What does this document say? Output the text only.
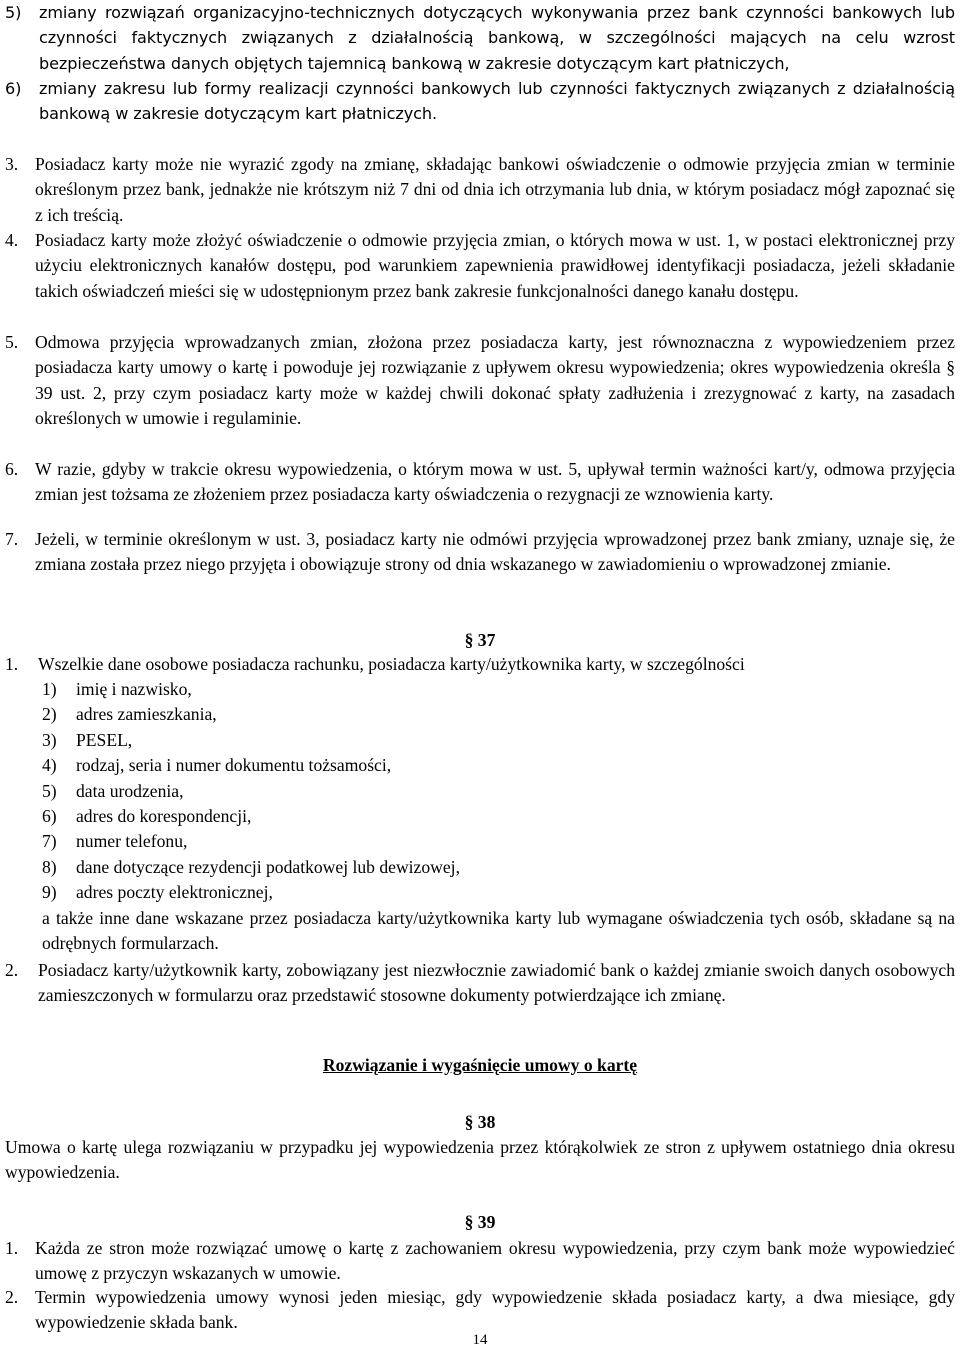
5)	zmiany rozwiązań organizacyjno-technicznych dotyczących wykonywania przez bank czynności bankowych lub czynności faktycznych związanych z działalnością bankową, w szczególności mających na celu wzrost bezpieczeństwa danych objętych tajemnicą bankową w zakresie dotyczącym kart płatniczych,
6)	zmiany zakresu lub formy realizacji czynności bankowych lub czynności faktycznych związanych z działalnością bankową w zakresie dotyczącym kart płatniczych.
3. Posiadacz karty może nie wyrazić zgody na zmianę, składając bankowi oświadczenie o odmowie przyjęcia zmian w terminie określonym przez bank, jednakże nie krótszym niż 7 dni od dnia ich otrzymania lub dnia, w którym posiadacz mógł zapoznać się z ich treścią.
4. Posiadacz karty może złożyć oświadczenie o odmowie przyjęcia zmian, o których mowa w ust. 1, w postaci elektronicznej przy użyciu elektronicznych kanałów dostępu, pod warunkiem zapewnienia prawidłowej identyfikacji posiadacza, jeżeli składanie takich oświadczeń mieści się w udostępnionym przez bank zakresie funkcjonalności danego kanału dostępu.
5. Odmowa przyjęcia wprowadzanych zmian, złożona przez posiadacza karty, jest równoznaczna z wypowiedzeniem przez posiadacza karty umowy o kartę i powoduje jej rozwiązanie z upływem okresu wypowiedzenia; okres wypowiedzenia określa § 39 ust. 2, przy czym posiadacz karty może w każdej chwili dokonać spłaty zadłużenia i zrezygnować z karty, na zasadach określonych w umowie i regulaminie.
6. W razie, gdyby w trakcie okresu wypowiedzenia, o którym mowa w ust. 5, upływał termin ważności kart/y, odmowa przyjęcia zmian jest tożsama ze złożeniem przez posiadacza karty oświadczenia o rezygnacji ze wznowienia karty.
7. Jeżeli, w terminie określonym w ust. 3, posiadacz karty nie odmówi przyjęcia wprowadzonej przez bank zmiany, uznaje się, że zmiana została przez niego przyjęta i obowiązuje strony od dnia wskazanego w zawiadomieniu o wprowadzonej zmianie.
§ 37
1.	Wszelkie dane osobowe posiadacza rachunku, posiadacza karty/użytkownika karty, w szczególności
1)	imię i nazwisko,
2)	adres zamieszkania,
3)	PESEL,
4)	rodzaj, seria i numer dokumentu tożsamości,
5)	data urodzenia,
6)	adres do korespondencji,
7)	numer telefonu,
8)	dane dotyczące rezydencji podatkowej lub dewizowej,
9)	adres poczty elektronicznej,

a także inne dane wskazane przez posiadacza karty/użytkownika karty lub wymagane oświadczenia tych osób, składane są na odrębnych formularzach.

2.	Posiadacz karty/użytkownik karty, zobowiązany jest niezwłocznie zawiadomić bank o każdej zmianie swoich danych osobowych zamieszczonych w formularzu oraz przedstawić stosowne dokumenty potwierdzające ich zmianę.
Rozwiązanie i wygaśnięcie umowy o kartę
§ 38

Umowa o kartę ulega rozwiązaniu w przypadku jej wypowiedzenia przez którąkolwiek ze stron z upływem ostatniego dnia okresu wypowiedzenia.

§ 39
1. Każda ze stron może rozwiązać umowę o kartę z zachowaniem okresu wypowiedzenia, przy czym bank może wypowiedzieć umowę z przyczyn wskazanych w umowie.
2. Termin wypowiedzenia umowy wynosi jeden miesiąc, gdy wypowiedzenie składa posiadacz karty, a dwa miesiące, gdy wypowiedzenie składa bank.
14
